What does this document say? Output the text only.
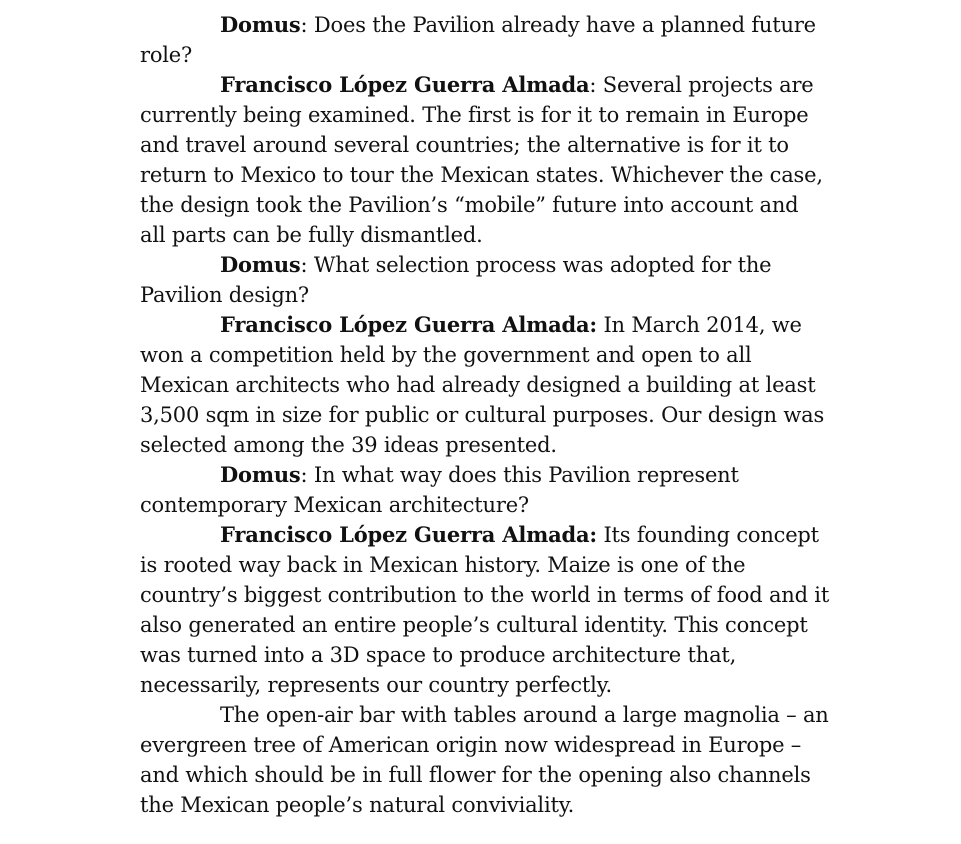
Domus: Does the Pavilion already have a planned future role?

Francisco López Guerra Almada: Several projects are currently being examined. The first is for it to remain in Europe and travel around several countries; the alternative is for it to return to Mexico to tour the Mexican states. Whichever the case, the design took the Pavilion’s “mobile” future into account and all parts can be fully dismantled.

Domus: What selection process was adopted for the Pavilion design?

Francisco López Guerra Almada: In March 2014, we won a competition held by the government and open to all Mexican architects who had already designed a building at least 3,500 sqm in size for public or cultural purposes. Our design was selected among the 39 ideas presented.

Domus: In what way does this Pavilion represent contemporary Mexican architecture?

Francisco López Guerra Almada: Its founding concept is rooted way back in Mexican history. Maize is one of the country’s biggest contribution to the world in terms of food and it also generated an entire people’s cultural identity. This concept was turned into a 3D space to produce architecture that, necessarily, represents our country perfectly.

The open-air bar with tables around a large magnolia – an evergreen tree of American origin now widespread in Europe – and which should be in full flower for the opening also channels the Mexican people’s natural conviviality.
